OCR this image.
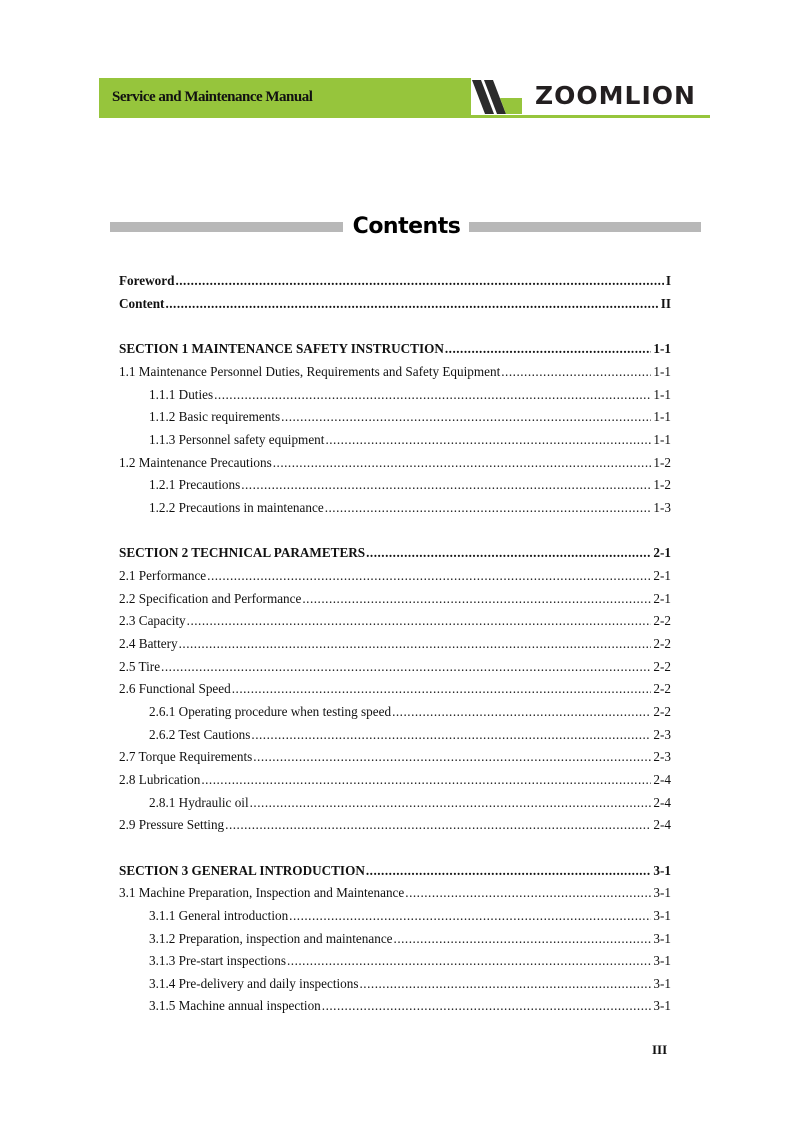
Service and Maintenance Manual	ZOOMLION
Contents
Foreword .....	I
Content .....	II
SECTION 1 MAINTENANCE SAFETY INSTRUCTION .....	1-1
1.1 Maintenance Personnel Duties, Requirements and Safety Equipment .....	1-1
1.1.1 Duties .....	1-1
1.1.2 Basic requirements .....	1-1
1.1.3 Personnel safety equipment .....	1-1
1.2 Maintenance Precautions .....	1-2
1.2.1 Precautions .....	1-2
1.2.2 Precautions in maintenance .....	1-3
SECTION 2 TECHNICAL PARAMETERS .....	2-1
2.1 Performance .....	2-1
2.2 Specification and Performance .....	2-1
2.3 Capacity .....	2-2
2.4 Battery .....	2-2
2.5 Tire .....	2-2
2.6 Functional Speed .....	2-2
2.6.1 Operating procedure when testing speed .....	2-2
2.6.2 Test Cautions .....	2-3
2.7 Torque Requirements .....	2-3
2.8 Lubrication .....	2-4
2.8.1 Hydraulic oil .....	2-4
2.9 Pressure Setting .....	2-4
SECTION 3 GENERAL INTRODUCTION .....	3-1
3.1 Machine Preparation, Inspection and Maintenance .....	3-1
3.1.1 General introduction .....	3-1
3.1.2 Preparation, inspection and maintenance .....	3-1
3.1.3 Pre-start inspections .....	3-1
3.1.4 Pre-delivery and daily inspections .....	3-1
3.1.5 Machine annual inspection .....	3-1
III
